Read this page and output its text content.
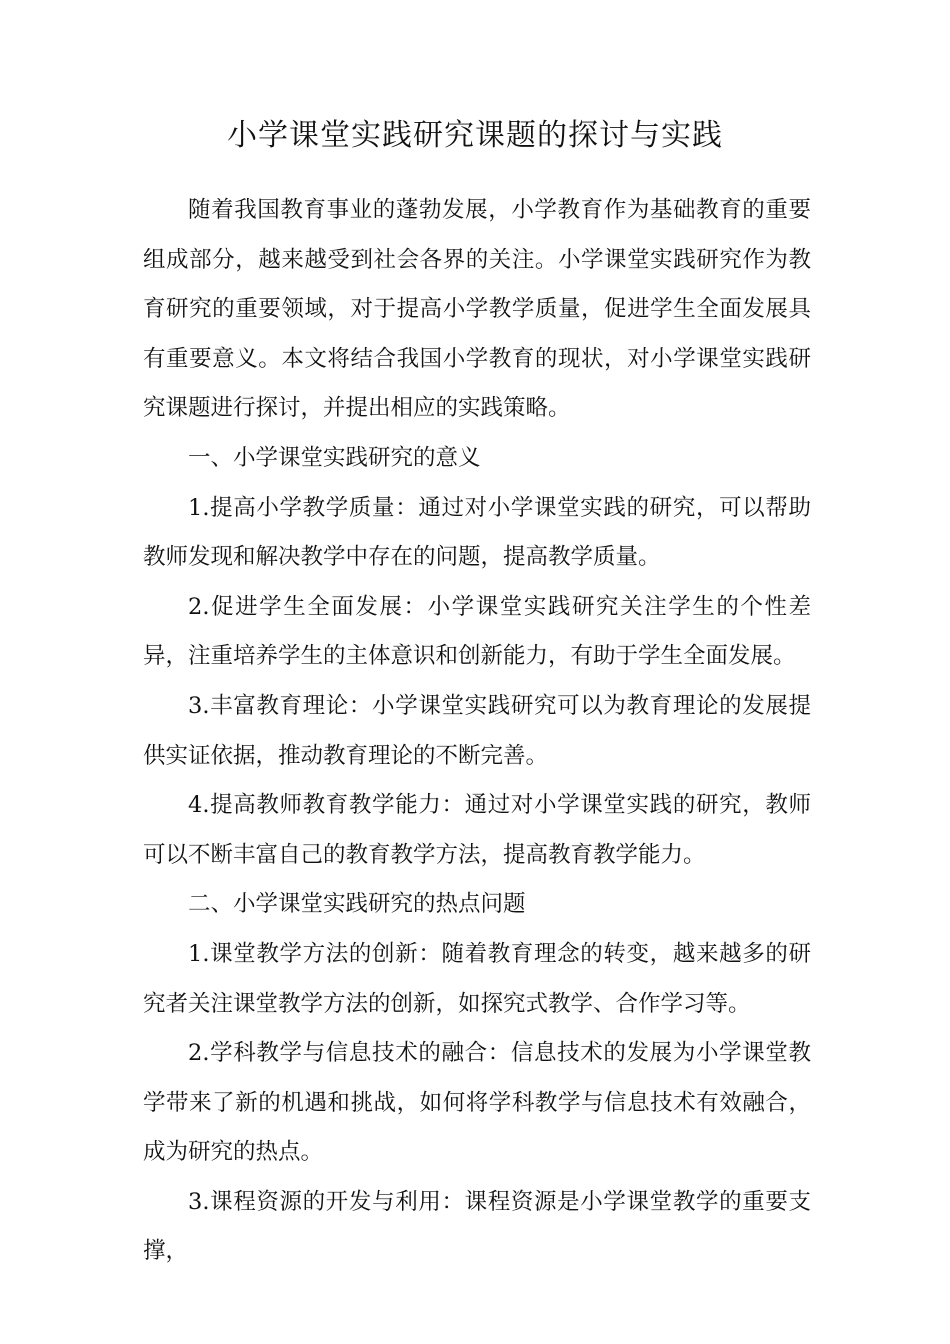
小学课堂实践研究课题的探讨与实践

随着我国教育事业的蓬勃发展，小学教育作为基础教育的重要组成部分，越来越受到社会各界的关注。小学课堂实践研究作为教育研究的重要领域，对于提高小学教学质量，促进学生全面发展具有重要意义。本文将结合我国小学教育的现状，对小学课堂实践研究课题进行探讨，并提出相应的实践策略。

一、小学课堂实践研究的意义

1.提高小学教学质量：通过对小学课堂实践的研究，可以帮助教师发现和解决教学中存在的问题，提高教学质量。

2.促进学生全面发展：小学课堂实践研究关注学生的个性差异，注重培养学生的主体意识和创新能力，有助于学生全面发展。

3.丰富教育理论：小学课堂实践研究可以为教育理论的发展提供实证依据，推动教育理论的不断完善。

4.提高教师教育教学能力：通过对小学课堂实践的研究，教师可以不断丰富自己的教育教学方法，提高教育教学能力。

二、小学课堂实践研究的热点问题

1.课堂教学方法的创新：随着教育理念的转变，越来越多的研究者关注课堂教学方法的创新，如探究式教学、合作学习等。

2.学科教学与信息技术的融合：信息技术的发展为小学课堂教学带来了新的机遇和挑战，如何将学科教学与信息技术有效融合，成为研究的热点。

3.课程资源的开发与利用：课程资源是小学课堂教学的重要支撑，
